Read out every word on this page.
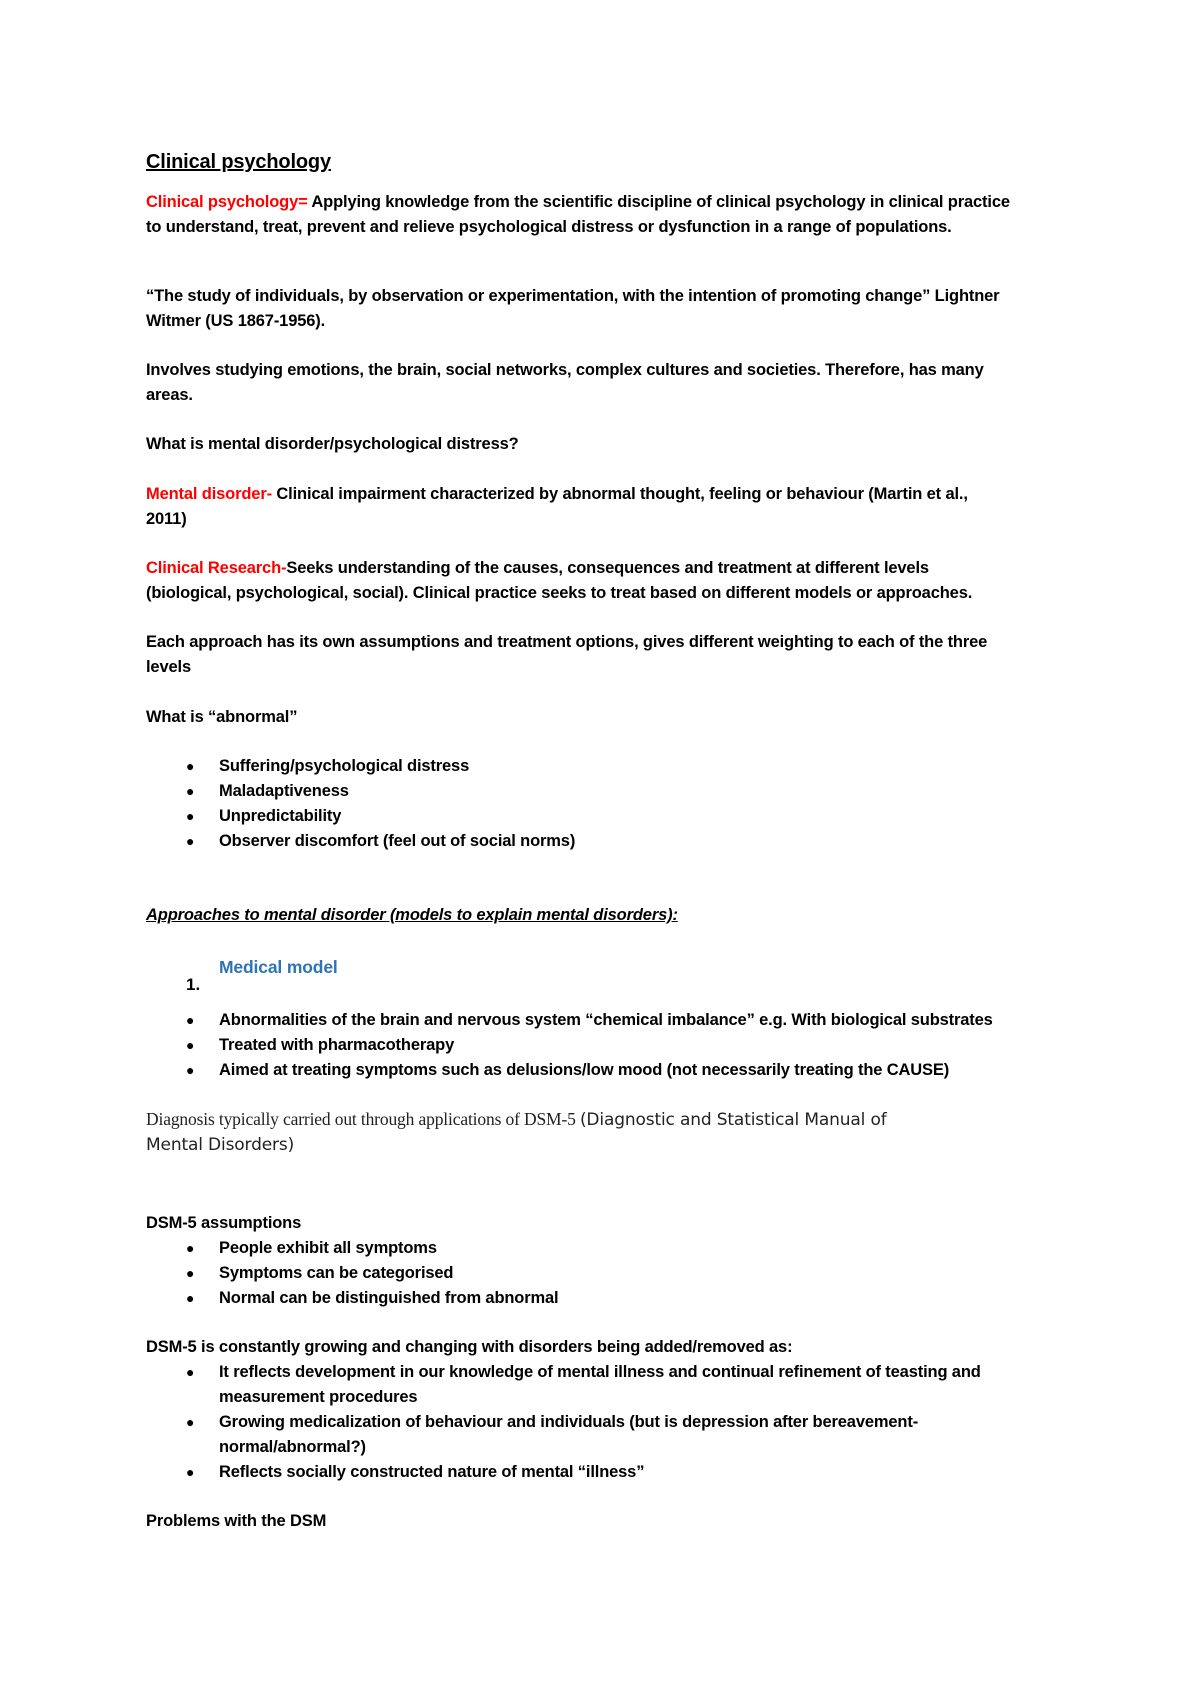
Clinical psychology

Clinical psychology= Applying knowledge from the scientific discipline of clinical psychology in clinical practice

to understand, treat, prevent and relieve psychological distress or dysfunction in a range of populations.

“The study of individuals, by observation or experimentation, with the intention of promoting change” Lightner

Witmer (US 1867-1956).

Involves studying emotions, the brain, social networks, complex cultures and societies. Therefore, has many

areas.

What is mental disorder/psychological distress?

Mental disorder- Clinical impairment characterized by abnormal thought, feeling or behaviour (Martin et al.,

2011)

Clinical Research-Seeks understanding of the causes, consequences and treatment at different levels

(biological, psychological, social). Clinical practice seeks to treat based on different models or approaches.

Each approach has its own assumptions and treatment options, gives different weighting to each of the three

levels

What is “abnormal”

● Suffering/psychological distress

● Maladaptiveness

● Unpredictability

● Observer discomfort (feel out of social norms)

Approaches to mental disorder (models to explain mental disorders):

1.

Medical model

● Abnormalities of the brain and nervous system “chemical imbalance” e.g. With biological substrates

● Treated with pharmacotherapy

● Aimed at treating symptoms such as delusions/low mood (not necessarily treating the CAUSE)

Diagnosis typically carried out through applications of DSM-5 (Diagnostic and Statistical Manual of

Mental Disorders)

DSM-5 assumptions

● People exhibit all symptoms

● Symptoms can be categorised

● Normal can be distinguished from abnormal

DSM-5 is constantly growing and changing with disorders being added/removed as:

● It reflects development in our knowledge of mental illness and continual refinement of teasting and

measurement procedures

● Growing medicalization of behaviour and individuals (but is depression after bereavement-

normal/abnormal?)

● Reflects socially constructed nature of mental “illness”

Problems with the DSM
